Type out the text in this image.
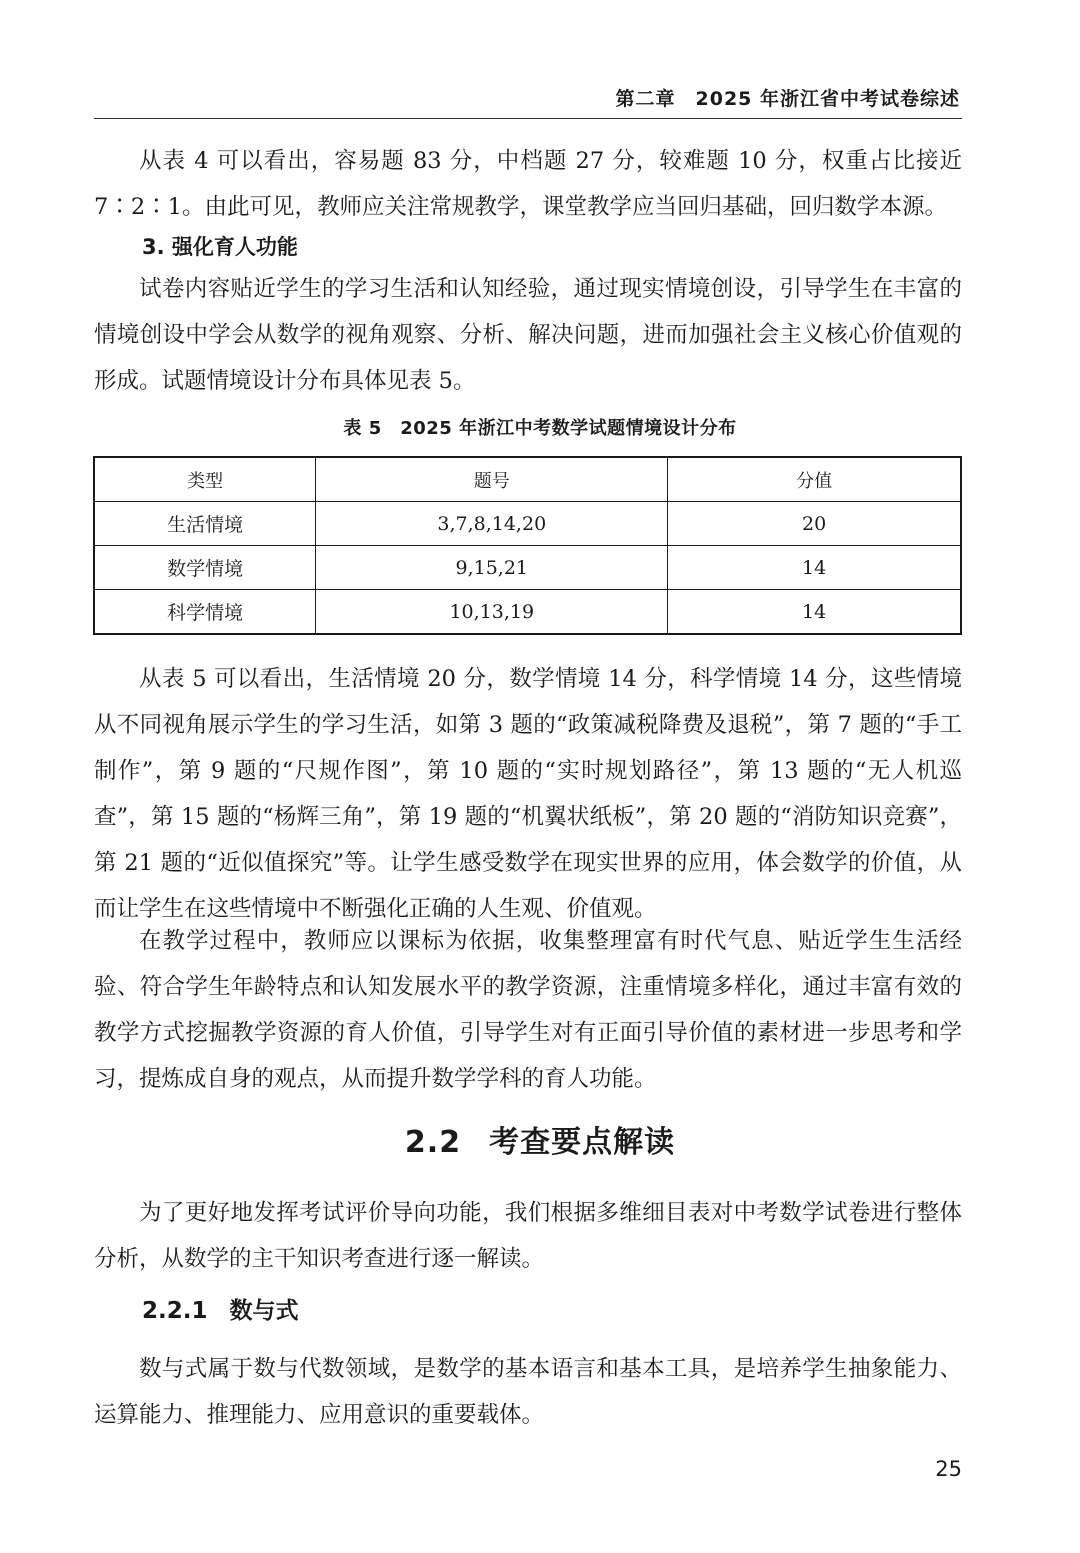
第二章　2025 年浙江省中考试卷综述

从表 4 可以看出，容易题 83 分，中档题 27 分，较难题 10 分，权重占比接近 7∶2∶1。由此可见，教师应关注常规教学，课堂教学应当回归基础，回归数学本源。

3. 强化育人功能

试卷内容贴近学生的学习生活和认知经验，通过现实情境创设，引导学生在丰富的情境创设中学会从数学的视角观察、分析、解决问题，进而加强社会主义核心价值观的形成。试题情境设计分布具体见表 5。

表 5　2025 年浙江中考数学试题情境设计分布
类型	题号	分值
生活情境	3,7,8,14,20	20
数学情境	9,15,21	14
科学情境	10,13,19	14

从表 5 可以看出，生活情境 20 分，数学情境 14 分，科学情境 14 分，这些情境从不同视角展示学生的学习生活，如第 3 题的“政策减税降费及退税”，第 7 题的“手工制作”，第 9 题的“尺规作图”，第 10 题的“实时规划路径”，第 13 题的“无人机巡查”，第 15 题的“杨辉三角”，第 19 题的“机翼状纸板”，第 20 题的“消防知识竞赛”，第 21 题的“近似值探究”等。让学生感受数学在现实世界的应用，体会数学的价值，从而让学生在这些情境中不断强化正确的人生观、价值观。

在教学过程中，教师应以课标为依据，收集整理富有时代气息、贴近学生生活经验、符合学生年龄特点和认知发展水平的教学资源，注重情境多样化，通过丰富有效的教学方式挖掘教学资源的育人价值，引导学生对有正面引导价值的素材进一步思考和学习，提炼成自身的观点，从而提升数学学科的育人功能。

2.2 考查要点解读

为了更好地发挥考试评价导向功能，我们根据多维细目表对中考数学试卷进行整体分析，从数学的主干知识考查进行逐一解读。

2.2.1 数与式

数与式属于数与代数领域，是数学的基本语言和基本工具，是培养学生抽象能力、运算能力、推理能力、应用意识的重要载体。

25
